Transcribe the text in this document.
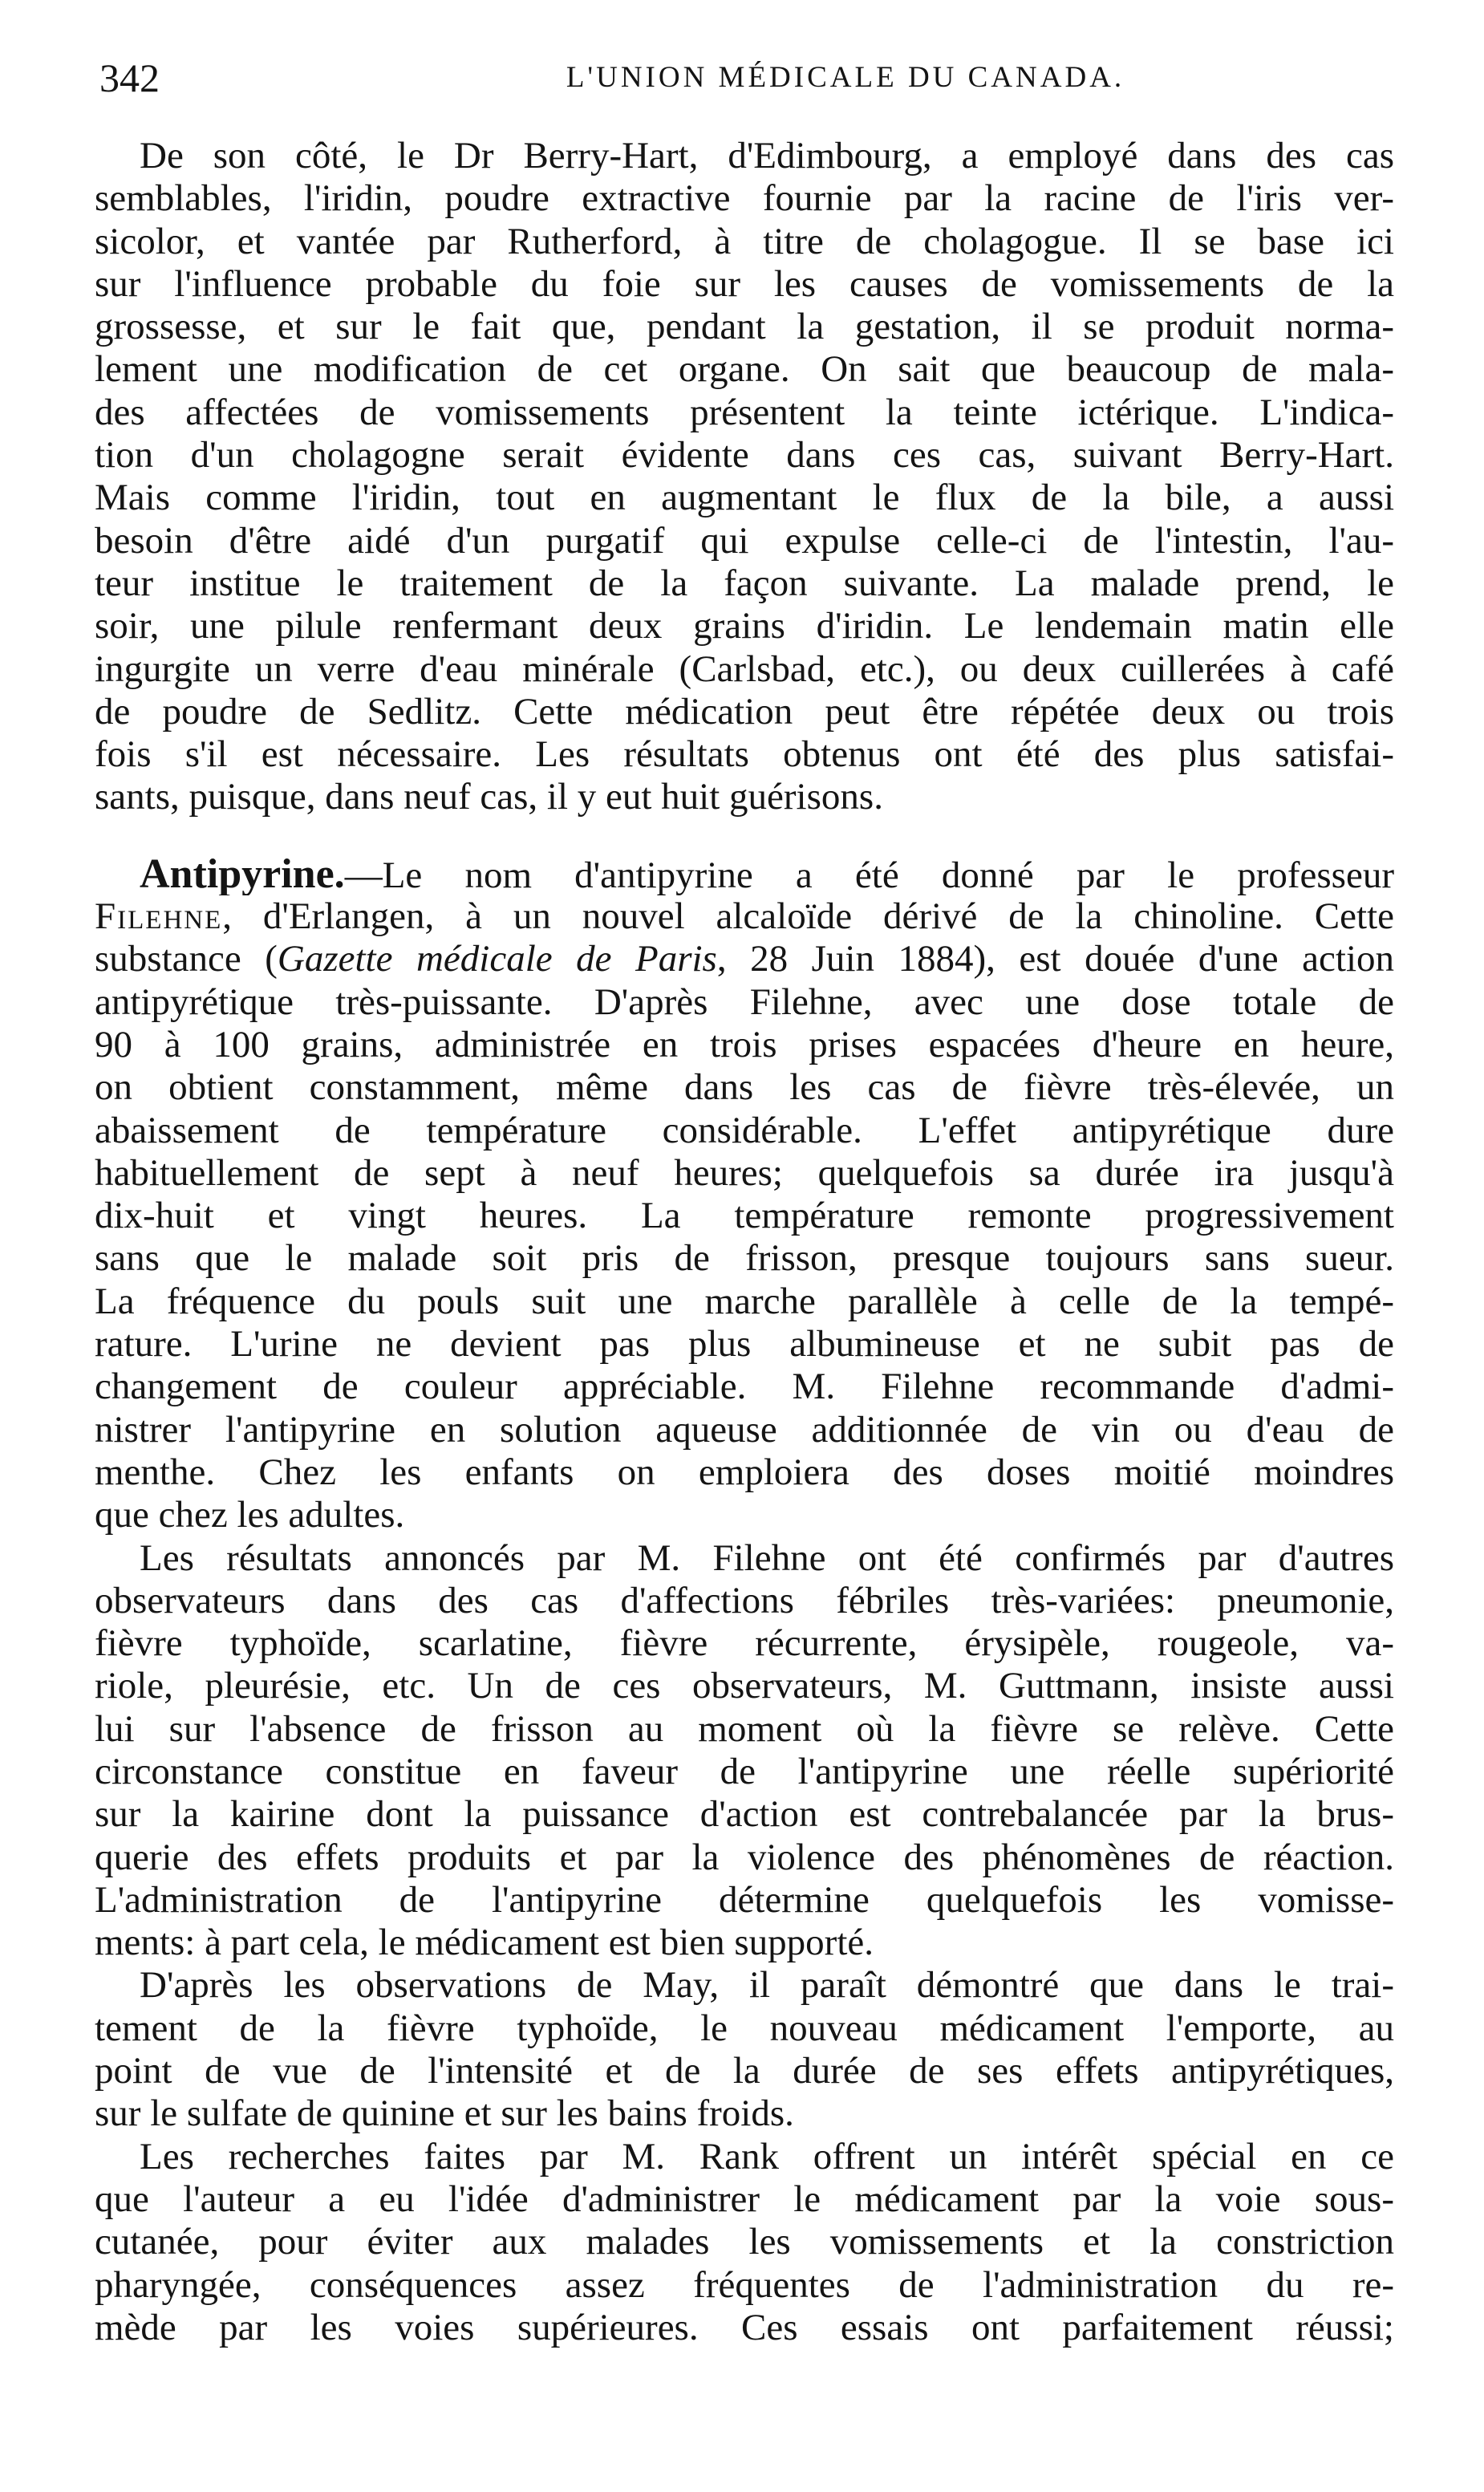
342	L'UNION MÉDICALE DU CANADA.
De son côté, le Dr Berry-Hart, d'Edimbourg, a employé dans des cas
semblables, l'iridin, poudre extractive fournie par la racine de l'iris ver-
sicolor, et vantée par Rutherford, à titre de cholagogue. Il se base ici
sur l'influence probable du foie sur les causes de vomissements de la
grossesse, et sur le fait que, pendant la gestation, il se produit norma-
lement une modification de cet organe. On sait que beaucoup de mala-
des affectées de vomissements présentent la teinte ictérique. L'indica-
tion d'un cholagogne serait évidente dans ces cas, suivant Berry-Hart.
Mais comme l'iridin, tout en augmentant le flux de la bile, a aussi
besoin d'être aidé d'un purgatif qui expulse celle-ci de l'intestin, l'au-
teur institue le traitement de la façon suivante. La malade prend, le
soir, une pilule renfermant deux grains d'iridin. Le lendemain matin elle
ingurgite un verre d'eau minérale (Carlsbad, etc.), ou deux cuillerées à café
de poudre de Sedlitz. Cette médication peut être répétée deux ou trois
fois s'il est nécessaire. Les résultats obtenus ont été des plus satisfai-
sants, puisque, dans neuf cas, il y eut huit guérisons.
Antipyrine.—Le nom d'antipyrine a été donné par le professeur
Filehne, d'Erlangen, à un nouvel alcaloïde dérivé de la chinoline. Cette
substance (Gazette médicale de Paris, 28 Juin 1884), est douée d'une action
antipyrétique très-puissante. D'après Filehne, avec une dose totale de
90 à 100 grains, administrée en trois prises espacées d'heure en heure,
on obtient constamment, même dans les cas de fièvre très-élevée, un
abaissement de température considérable. L'effet antipyrétique dure
habituellement de sept à neuf heures; quelquefois sa durée ira jusqu'à
dix-huit et vingt heures. La température remonte progressivement
sans que le malade soit pris de frisson, presque toujours sans sueur.
La fréquence du pouls suit une marche parallèle à celle de la tempé-
rature. L'urine ne devient pas plus albumineuse et ne subit pas de
changement de couleur appréciable. M. Filehne recommande d'admi-
nistrer l'antipyrine en solution aqueuse additionnée de vin ou d'eau de
menthe. Chez les enfants on emploiera des doses moitié moindres
que chez les adultes.
Les résultats annoncés par M. Filehne ont été confirmés par d'autres
observateurs dans des cas d'affections fébriles très-variées: pneumonie,
fièvre typhoïde, scarlatine, fièvre récurrente, érysipèle, rougeole, va-
riole, pleurésie, etc. Un de ces observateurs, M. Guttmann, insiste aussi
lui sur l'absence de frisson au moment où la fièvre se relève. Cette
circonstance constitue en faveur de l'antipyrine une réelle supériorité
sur la kairine dont la puissance d'action est contrebalancée par la brus-
querie des effets produits et par la violence des phénomènes de réaction.
L'administration de l'antipyrine détermine quelquefois les vomisse-
ments: à part cela, le médicament est bien supporté.
D'après les observations de May, il paraît démontré que dans le trai-
tement de la fièvre typhoïde, le nouveau médicament l'emporte, au
point de vue de l'intensité et de la durée de ses effets antipyrétiques,
sur le sulfate de quinine et sur les bains froids.
Les recherches faites par M. Rank offrent un intérêt spécial en ce
que l'auteur a eu l'idée d'administrer le médicament par la voie sous-
cutanée, pour éviter aux malades les vomissements et la constriction
pharyngée, conséquences assez fréquentes de l'administration du re-
mède par les voies supérieures. Ces essais ont parfaitement réussi;
